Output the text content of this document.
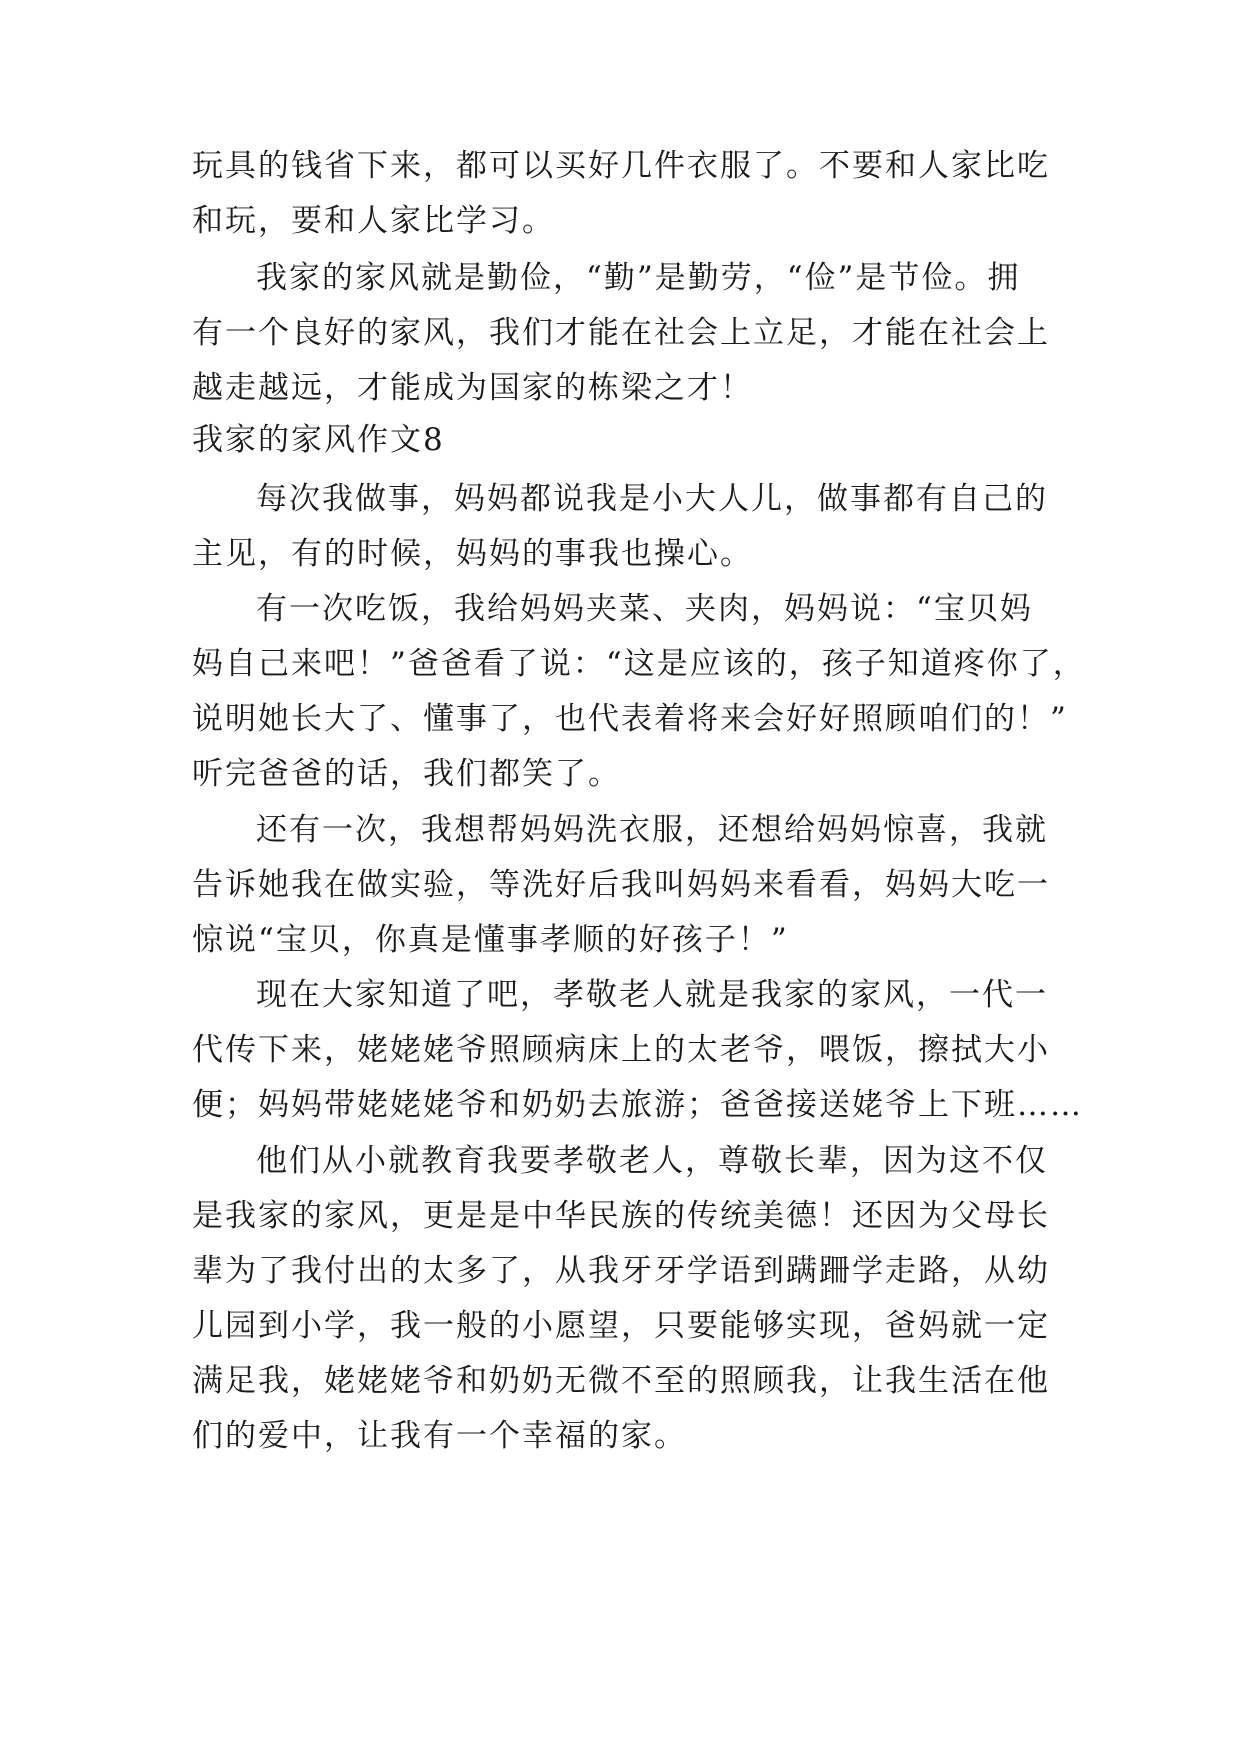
玩具的钱省下来，都可以买好几件衣服了。不要和人家比吃

和玩，要和人家比学习。

我家的家风就是勤俭，“勤”是勤劳，“俭”是节俭。拥

有一个良好的家风，我们才能在社会上立足，才能在社会上

越走越远，才能成为国家的栋梁之才！

我家的家风作文8

每次我做事，妈妈都说我是小大人儿，做事都有自己的

主见，有的时候，妈妈的事我也操心。

有一次吃饭，我给妈妈夹菜、夹肉，妈妈说：“宝贝妈

妈自己来吧！”爸爸看了说：“这是应该的，孩子知道疼你了，

说明她长大了、懂事了，也代表着将来会好好照顾咱们的！”

听完爸爸的话，我们都笑了。

还有一次，我想帮妈妈洗衣服，还想给妈妈惊喜，我就

告诉她我在做实验，等洗好后我叫妈妈来看看，妈妈大吃一

惊说“宝贝，你真是懂事孝顺的好孩子！”

现在大家知道了吧，孝敬老人就是我家的家风，一代一

代传下来，姥姥姥爷照顾病床上的太老爷，喂饭，擦拭大小

便；妈妈带姥姥姥爷和奶奶去旅游；爸爸接送姥爷上下班……

他们从小就教育我要孝敬老人，尊敬长辈，因为这不仅

是我家的家风，更是是中华民族的传统美德！还因为父母长

辈为了我付出的太多了，从我牙牙学语到蹒跚学走路，从幼

儿园到小学，我一般的小愿望，只要能够实现，爸妈就一定

满足我，姥姥姥爷和奶奶无微不至的照顾我，让我生活在他

们的爱中，让我有一个幸福的家。
